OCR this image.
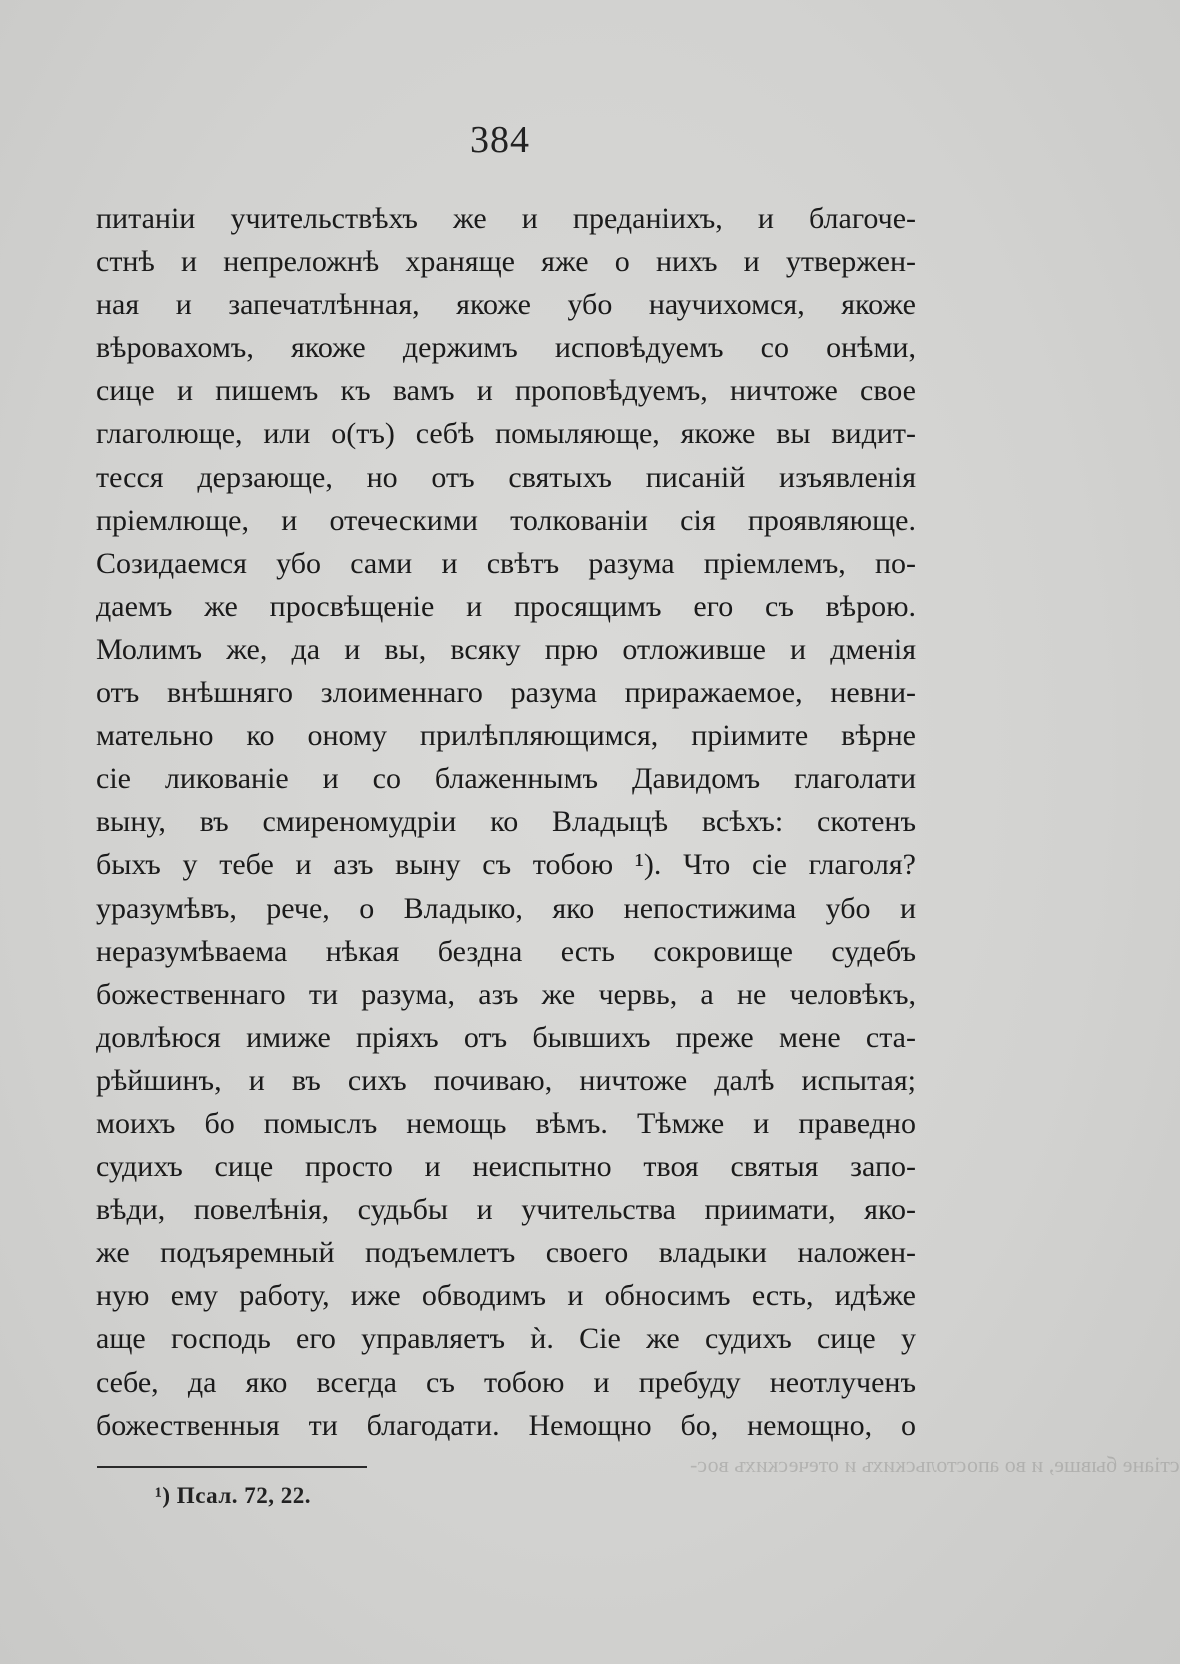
384
питаніи учительствѣхъ же и преданіихъ, и благоче-
стнѣ и непреложнѣ храняще яже о нихъ и утвержен-
ная и запечатлѣнная, якоже убо научихомся, якоже
вѣровахомъ, якоже держимъ исповѣдуемъ со онѣми,
сице и пишемъ къ вамъ и проповѣдуемъ, ничтоже свое
глаголюще, или о(тъ) себѣ помыляюще, якоже вы видит-
тесся дерзающе, но отъ святыхъ писаній изъявленія
пріемлюще, и отеческими толкованіи сія проявляюще.
Созидаемся убо сами и свѣтъ разума пріемлемъ, по-
даемъ же просвѣщеніе и просящимъ его съ вѣрою.
Молимъ же, да и вы, всяку прю отложивше и дменія
отъ внѣшняго злоименнаго разума приражаемое, невни-
мательно ко оному прилѣпляющимся, пріимите вѣрне
сіе ликованіе и со блаженнымъ Давидомъ глаголати
выну, въ смиреномудріи ко Владыцѣ всѣхъ: скотенъ
быхъ у тебе и азъ выну съ тобою ¹). Что сіе глаголя?
уразумѣвъ, рече, о Владыко, яко непостижима убо и
неразумѣваема нѣкая бездна есть сокровище судебъ
божественнаго ти разума, азъ же червь, а не человѣкъ,
довлѣюся имиже пріяхъ отъ бывшихъ преже мене ста-
рѣйшинъ, и въ сихъ почиваю, ничтоже далѣ испытая;
моихъ бо помыслъ немощь вѣмъ. Тѣмже и праведно
судихъ сице просто и неиспытно твоя святыя запо-
вѣди, повелѣнія, судьбы и учительства приимати, яко-
же подъяремный подъемлетъ своего владыки наложен-
ную ему работу, иже обводимъ и обносимъ есть, идѣже
аще господь его управляетъ ѝ. Сіе же судихъ сице у
себе, да яко всегда съ тобою и пребуду неотлученъ
божественныя ти благодати. Немощно бо, немощно, о
стіане бывше, и во апостольскихъ и отеческихъ вос-
¹) Псал. 72, 22.
